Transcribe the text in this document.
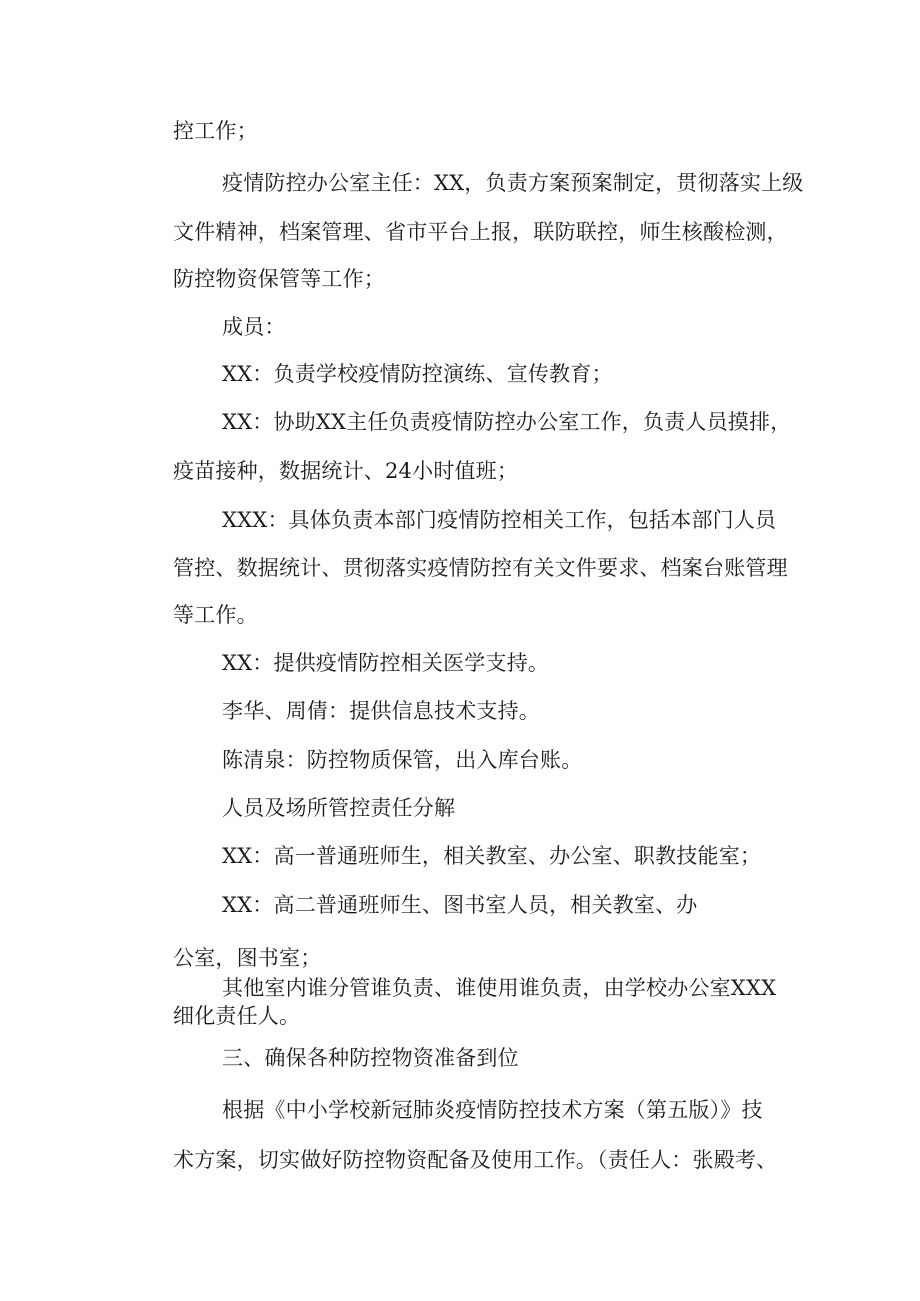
控工作；
疫情防控办公室主任：XX，负责方案预案制定，贯彻落实上级
文件精神，档案管理、省市平台上报，联防联控，师生核酸检测，
防控物资保管等工作；
成员：
XX：负责学校疫情防控演练、宣传教育；
XX：协助XX主任负责疫情防控办公室工作，负责人员摸排，
疫苗接种，数据统计、24小时值班；
XXX：具体负责本部门疫情防控相关工作，包括本部门人员
管控、数据统计、贯彻落实疫情防控有关文件要求、档案台账管理
等工作。
XX：提供疫情防控相关医学支持。
李华、周倩：提供信息技术支持。
陈清泉：防控物质保管，出入库台账。
人员及场所管控责任分解
XX：高一普通班师生，相关教室、办公室、职教技能室；
XX：高二普通班师生、图书室人员，相关教室、办
公室，图书室；
其他室内谁分管谁负责、谁使用谁负责，由学校办公室XXX
细化责任人。
三、确保各种防控物资准备到位
根据《中小学校新冠肺炎疫情防控技术方案（第五版）》技
术方案，切实做好防控物资配备及使用工作。（责任人：张殿考、
